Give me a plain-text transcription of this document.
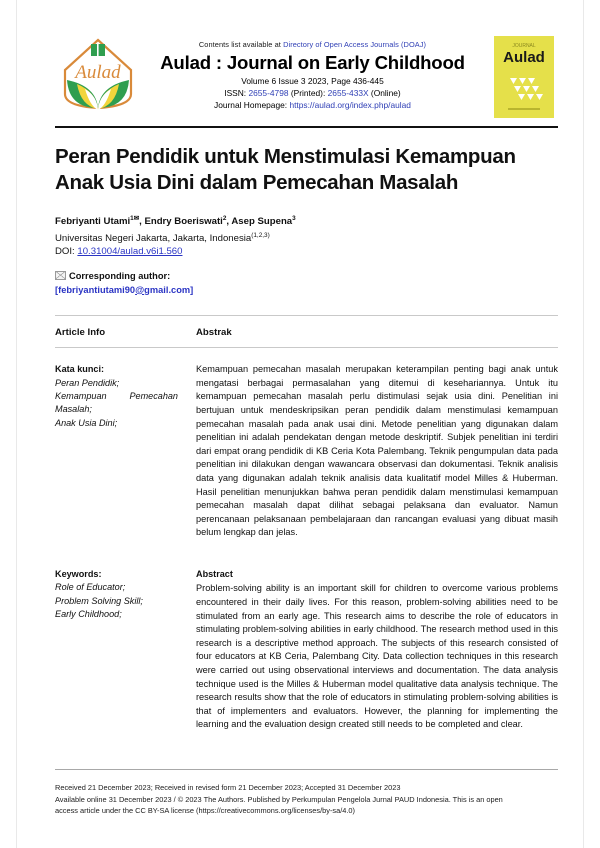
Aulad
Contents list available at Directory of Open Access Journals (DOAJ)
Aulad : Journal on Early Childhood
Volume 6 Issue 3 2023, Page 436-445
ISSN: 2655-4798 (Printed): 2655-433X (Online)
Journal Homepage: https://aulad.org/index.php/aulad
JOURNAL
Aulad
Peran Pendidik untuk Menstimulasi Kemampuan Anak Usia Dini dalam Pemecahan Masalah
Febriyanti Utami$^{1✉}$, Endry Boeriswati$^2$, Asep Supena$^3$
Universitas Negeri Jakarta, Jakarta, Indonesia$^{(1,2,3)}$
DOI: 10.31004/aulad.v6i1.560
Corresponding author:
[febriyantiutami90@gmail.com]
Article Info	Abstrak
Kata kunci:
Peran Pendidik;
Kemampuan Pemecahan
Masalah;
Anak Usia Dini;
Kemampuan pemecahan masalah merupakan keterampilan penting bagi anak untuk mengatasi berbagai permasalahan yang ditemui di kesehariannya. Untuk itu kemampuan pemecahan masalah perlu distimulasi sejak usia dini. Penelitian ini bertujuan untuk mendeskripsikan peran pendidik dalam menstimulasi kemampuan pemecahan masalah pada anak usai dini. Metode penelitian yang digunakan dalam penelitian ini adalah pendekatan dengan metode deskriptif. Subjek penelitian ini terdiri dari empat orang pendidik di KB Ceria Kota Palembang. Teknik pengumpulan data pada penelitian ini dilakukan dengan wawancara observasi dan dokumentasi. Teknik analisis data yang digunakan adalah teknik analisis data kualitatif model Milles & Huberman. Hasil penelitian menunjukkan bahwa peran pendidik dalam menstimulasi kemampuan pemecahan masalah dapat dilihat sebagai pelaksana dan evaluator. Namun perencanaan pelaksanaan pembelajaraan dan rancangan evaluasi yang dibuat masih belum lengkap dan jelas.
Keywords:
Role of Educator;
Problem Solving Skill;
Early Childhood;
Abstract
Problem-solving ability is an important skill for children to overcome various problems encountered in their daily lives. For this reason, problem-solving abilities need to be stimulated from an early age. This research aims to describe the role of educators in stimulating problem-solving abilities in early childhood. The research method used in this research is a descriptive method approach. The subjects of this research consisted of four educators at KB Ceria, Palembang City. Data collection techniques in this research were carried out using observational interviews and documentation. The data analysis technique used is the Milles & Huberman model qualitative data analysis technique. The research results show that the role of educators in stimulating problem-solving abilities is that of implementers and evaluators. However, the planning for implementing the learning and the evaluation design created still needs to be completed and clear.
Received 21 December 2023; Received in revised form 21 December 2023; Accepted 31 December 2023
Available online 31 December 2023 / © 2023 The Authors. Published by Perkumpulan Pengelola Jurnal PAUD Indonesia. This is an open
access article under the CC BY-SA license (https://creativecommons.org/licenses/by-sa/4.0)
